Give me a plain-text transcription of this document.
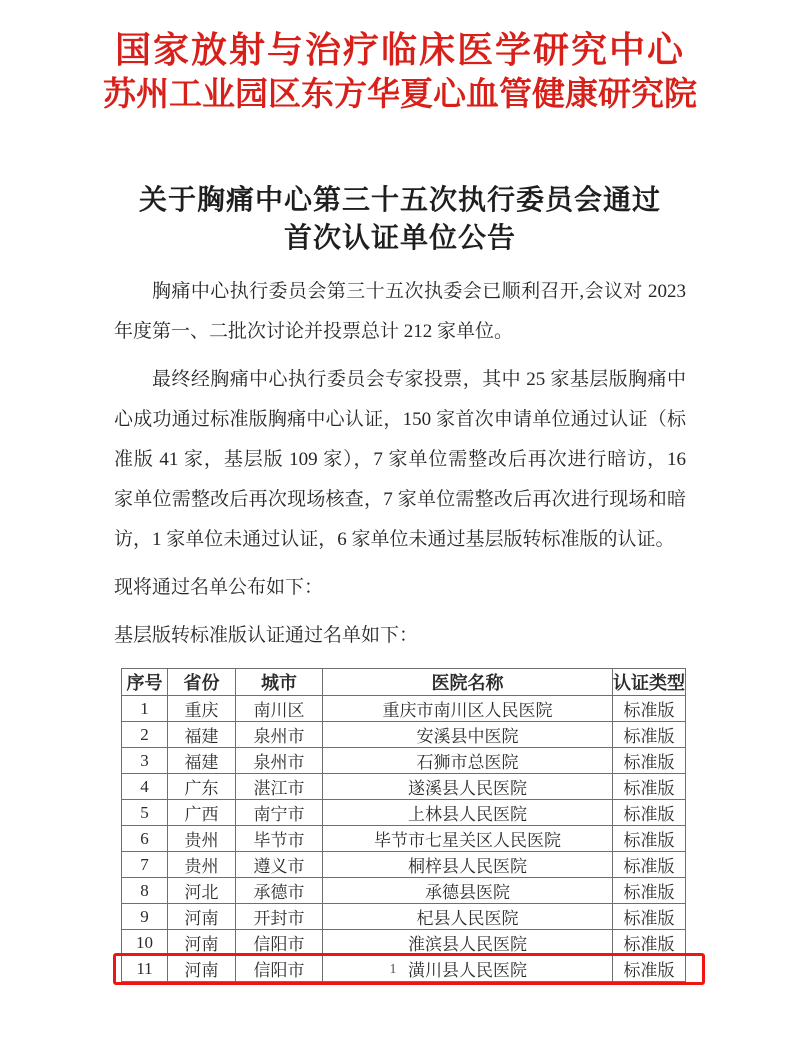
国家放射与治疗临床医学研究中心
苏州工业园区东方华夏心血管健康研究院
关于胸痛中心第三十五次执行委员会通过
首次认证单位公告
胸痛中心执行委员会第三十五次执委会已顺利召开,会议对 2023
年度第一、二批次讨论并投票总计 212 家单位。
最终经胸痛中心执行委员会专家投票，其中 25 家基层版胸痛中
心成功通过标准版胸痛中心认证，150 家首次申请单位通过认证（标
准版 41 家，基层版 109 家），7 家单位需整改后再次进行暗访，16
家单位需整改后再次现场核查，7 家单位需整改后再次进行现场和暗
访，1 家单位未通过认证，6 家单位未通过基层版转标准版的认证。
现将通过名单公布如下：
基层版转标准版认证通过名单如下：
序号	省份	城市	医院名称	认证类型
1	重庆	南川区	重庆市南川区人民医院	标准版
2	福建	泉州市	安溪县中医院	标准版
3	福建	泉州市	石狮市总医院	标准版
4	广东	湛江市	遂溪县人民医院	标准版
5	广西	南宁市	上林县人民医院	标准版
6	贵州	毕节市	毕节市七星关区人民医院	标准版
7	贵州	遵义市	桐梓县人民医院	标准版
8	河北	承德市	承德县医院	标准版
9	河南	开封市	杞县人民医院	标准版
10	河南	信阳市	淮滨县人民医院	标准版
11	河南	信阳市	潢川县人民医院	标准版
1
